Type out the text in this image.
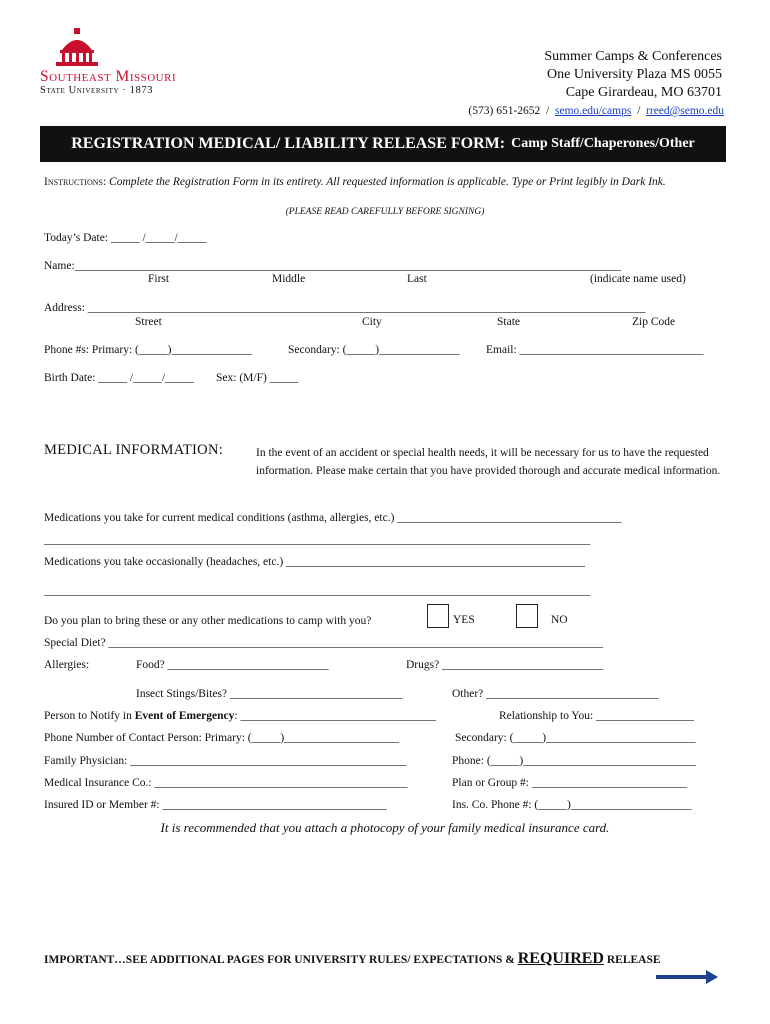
Southeast Missouri
State University · 1873
Summer Camps & Conferences
One University Plaza MS 0055
Cape Girardeau, MO 63701
(573) 651-2652 / semo.edu/camps / rreed@semo.edu
REGISTRATION MEDICAL/ LIABILITY RELEASE FORM: Camp Staff/Chaperones/Other
Instructions: Complete the Registration Form in its entirety. All requested information is applicable. Type or Print legibly in Dark Ink.
(PLEASE READ CAREFULLY BEFORE SIGNING)
Today’s Date: _____ /_____/_____
Name:_______________________________________________________________________________________________
First	Middle	Last	(indicate name used)
Address: _________________________________________________________________________________________________
Street	City	State	Zip Code
Phone #s: Primary: (_____)______________	Secondary: (_____)______________ Email: ________________________________
Birth Date: _____ /_____/_____ Sex: (M/F) _____
MEDICAL INFORMATION:	In the event of an accident or special health needs, it will be necessary for us to have the requested information. Please make certain that you have provided thorough and accurate medical information.
Medications you take for current medical conditions (asthma, allergies, etc.) _______________________________________
_______________________________________________________________________________________________
Medications you take occasionally (headaches, etc.) ____________________________________________________
_______________________________________________________________________________________________
Do you plan to bring these or any other medications to camp with you?	YES	NO
Special Diet? ______________________________________________________________________________________
Allergies:	Food? ____________________________	Drugs? ____________________________
Insect Stings/Bites? ______________________________	Other? ______________________________
Person to Notify in Event of Emergency: __________________________________	Relationship to You: _________________
Phone Number of Contact Person: Primary: (_____)____________________	Secondary: (_____)__________________________
Family Physician: ________________________________________________	Phone: (_____)______________________________
Medical Insurance Co.: ____________________________________________	Plan or Group #: ___________________________
Insured ID or Member #: _______________________________________	Ins. Co. Phone #: (_____)_____________________
It is recommended that you attach a photocopy of your family medical insurance card.
IMPORTANT…SEE ADDITIONAL PAGES FOR UNIVERSITY RULES/ EXPECTATIONS & REQUIRED RELEASE
